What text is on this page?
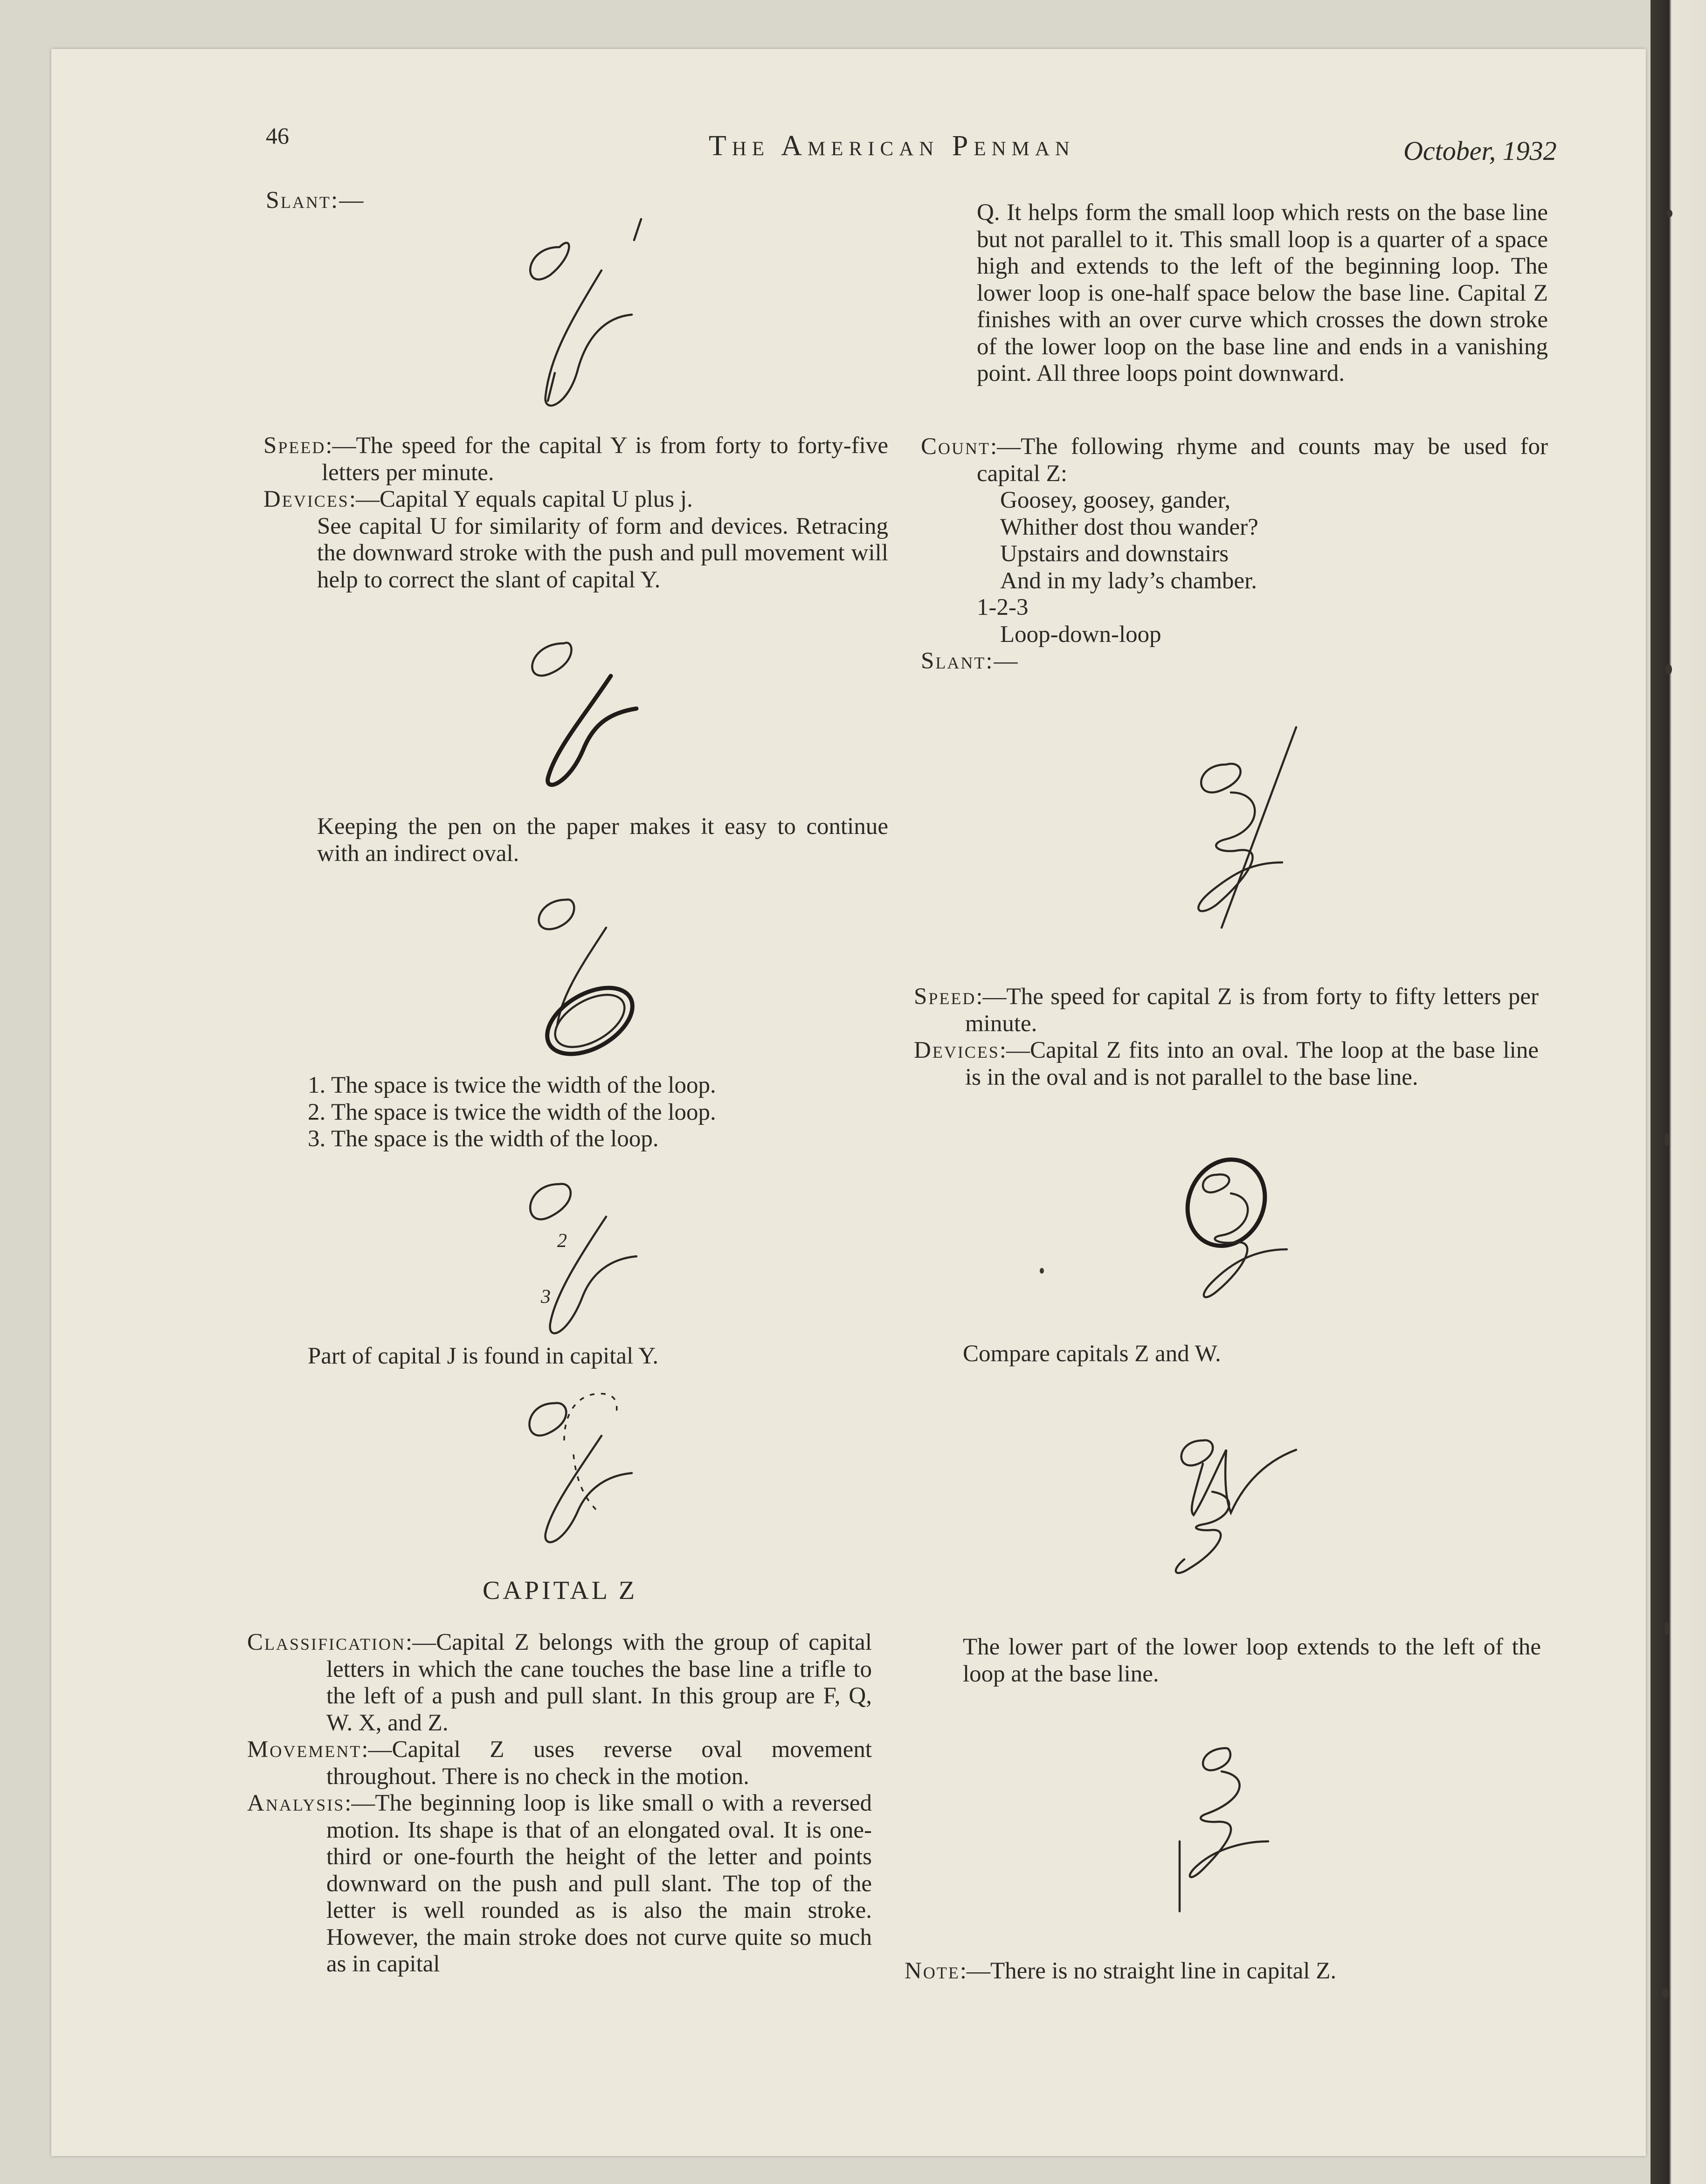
46	The American Penman	October, 1932
Slant:—

Speed:—The speed for the capital Y is from forty to forty-five letters per minute.

Devices:—Capital Y equals capital U plus j.

See capital U for similarity of form and devices. Retracing the downward stroke with the push and pull movement will help to correct the slant of capital Y.

Keeping the pen on the paper makes it easy to continue with an indirect oval.

1. The space is twice the width of the loop.

2. The space is twice the width of the loop.

3. The space is the width of the loop.

2
3
Part of capital J is found in capital Y.
CAPITAL Z

Classification:—Capital Z belongs with the group of capital letters in which the cane touches the base line a trifle to the left of a push and pull slant. In this group are F, Q, W. X, and Z.

Movement:—Capital Z uses reverse oval movement throughout. There is no check in the motion.

Analysis:—The beginning loop is like small o with a reversed motion. Its shape is that of an elongated oval. It is one-third or one-fourth the height of the letter and points downward on the push and pull slant. The top of the letter is well rounded as is also the main stroke. However, the main stroke does not curve quite so much as in capital

Q. It helps form the small loop which rests on the base line but not parallel to it. This small loop is a quarter of a space high and extends to the left of the beginning loop. The lower loop is one-half space below the base line. Capital Z finishes with an over curve which crosses the down stroke of the lower loop on the base line and ends in a vanishing point. All three loops point downward.

Count:—The following rhyme and counts may be used for capital Z:

Goosey, goosey, gander,

Whither dost thou wander?

Upstairs and downstairs

And in my lady’s chamber.

1-2-3

Loop-down-loop

Slant:—

Speed:—The speed for capital Z is from forty to fifty letters per minute.

Devices:—Capital Z fits into an oval. The loop at the base line is in the oval and is not parallel to the base line.

Compare capitals Z and W.
The lower part of the lower loop extends to the left of the loop at the base line.

Note:—There is no straight line in capital Z.
